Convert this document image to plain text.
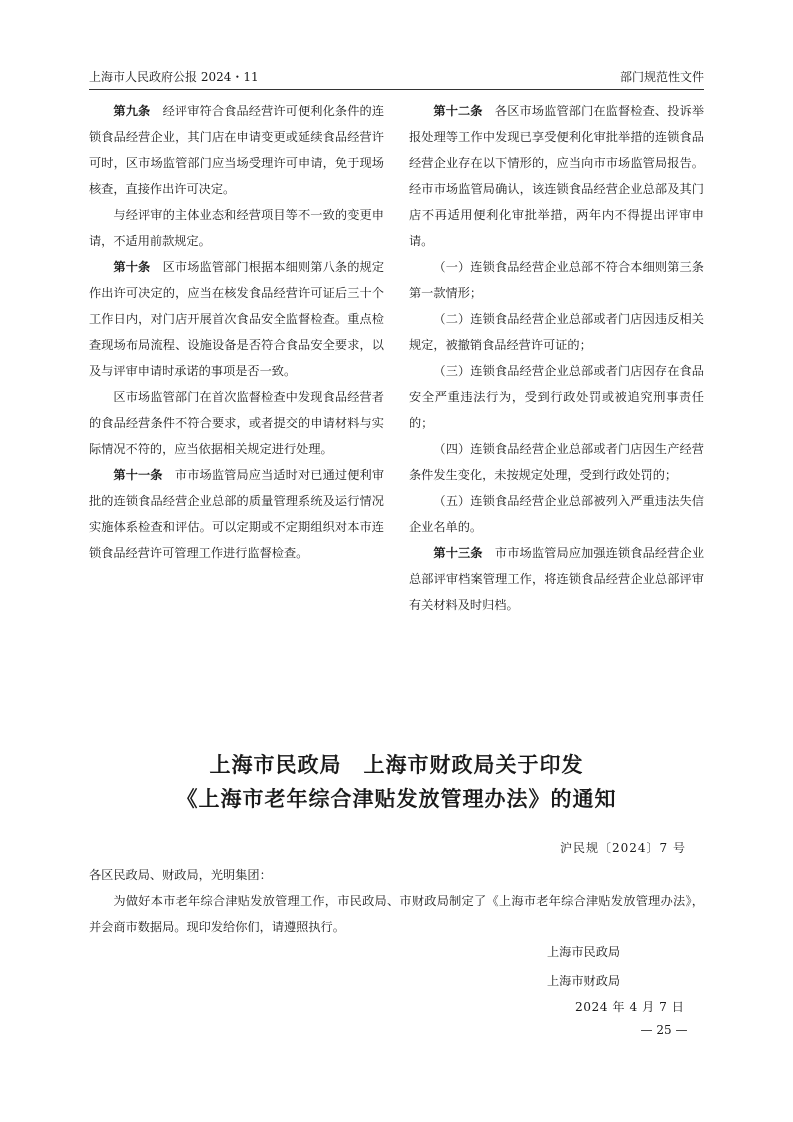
上海市人民政府公报 2024・11	部门规范性文件

第九条　经评审符合食品经营许可便利化条件的连锁食品经营企业，其门店在申请变更或延续食品经营许可时，区市场监管部门应当场受理许可申请，免于现场核查，直接作出许可决定。

与经评审的主体业态和经营项目等不一致的变更申请，不适用前款规定。

第十条　区市场监管部门根据本细则第八条的规定作出许可决定的，应当在核发食品经营许可证后三十个工作日内，对门店开展首次食品安全监督检查。重点检查现场布局流程、设施设备是否符合食品安全要求，以及与评审申请时承诺的事项是否一致。

区市场监管部门在首次监督检查中发现食品经营者的食品经营条件不符合要求，或者提交的申请材料与实际情况不符的，应当依据相关规定进行处理。

第十一条　市市场监管局应当适时对已通过便利审批的连锁食品经营企业总部的质量管理系统及运行情况实施体系检查和评估。可以定期或不定期组织对本市连锁食品经营许可管理工作进行监督检查。

第十二条　各区市场监管部门在监督检查、投诉举报处理等工作中发现已享受便利化审批举措的连锁食品经营企业存在以下情形的，应当向市市场监管局报告。经市市场监管局确认，该连锁食品经营企业总部及其门店不再适用便利化审批举措，两年内不得提出评审申请。

（一）连锁食品经营企业总部不符合本细则第三条第一款情形；

（二）连锁食品经营企业总部或者门店因违反相关规定，被撤销食品经营许可证的；

（三）连锁食品经营企业总部或者门店因存在食品安全严重违法行为，受到行政处罚或被追究刑事责任的；

（四）连锁食品经营企业总部或者门店因生产经营条件发生变化，未按规定处理，受到行政处罚的；

（五）连锁食品经营企业总部被列入严重违法失信企业名单的。

第十三条　市市场监管局应加强连锁食品经营企业总部评审档案管理工作，将连锁食品经营企业总部评审有关材料及时归档。

上海市民政局　上海市财政局关于印发
《上海市老年综合津贴发放管理办法》的通知
沪民规〔2024〕7 号

各区民政局、财政局，光明集团：

为做好本市老年综合津贴发放管理工作，市民政局、市财政局制定了《上海市老年综合津贴发放管理办法》，并会商市数据局。现印发给你们，请遵照执行。

上海市民政局
上海市财政局
2024 年 4 月 7 日
— 25 —
